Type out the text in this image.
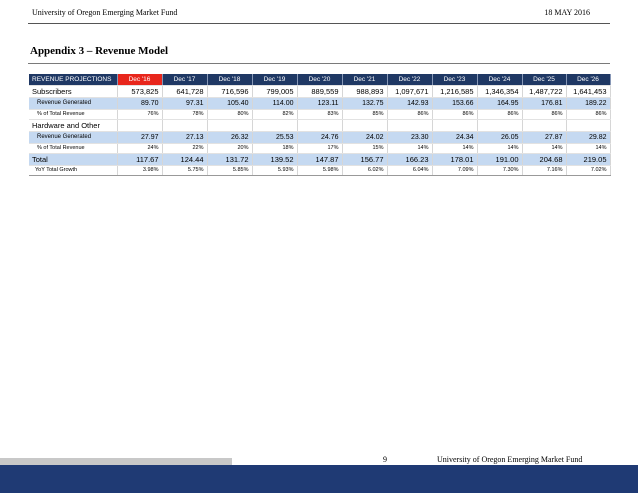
University of Oregon Emerging Market Fund	18 MAY 2016
Appendix 3 – Revenue Model
REVENUE PROJECTIONS	Dec '16	Dec '17	Dec '18	Dec '19	Dec '20	Dec '21	Dec '22	Dec '23	Dec '24	Dec '25	Dec '26
Subscribers	573,825	641,728	716,596	799,005	889,559	988,893	1,097,671	1,216,585	1,346,354	1,487,722	1,641,453
Revenue Generated	89.70	97.31	105.40	114.00	123.11	132.75	142.93	153.66	164.95	176.81	189.22
% of Total Revenue	76%	78%	80%	82%	83%	85%	86%	86%	86%	86%	86%
Hardware and Other											
Revenue Generated	27.97	27.13	26.32	25.53	24.76	24.02	23.30	24.34	26.05	27.87	29.82
% of Total Revenue	24%	22%	20%	18%	17%	15%	14%	14%	14%	14%	14%
Total	117.67	124.44	131.72	139.52	147.87	156.77	166.23	178.01	191.00	204.68	219.05
YoY Total Growth	3.98%	5.75%	5.85%	5.93%	5.98%	6.02%	6.04%	7.09%	7.30%	7.16%	7.02%
9	University of Oregon Emerging Market Fund
